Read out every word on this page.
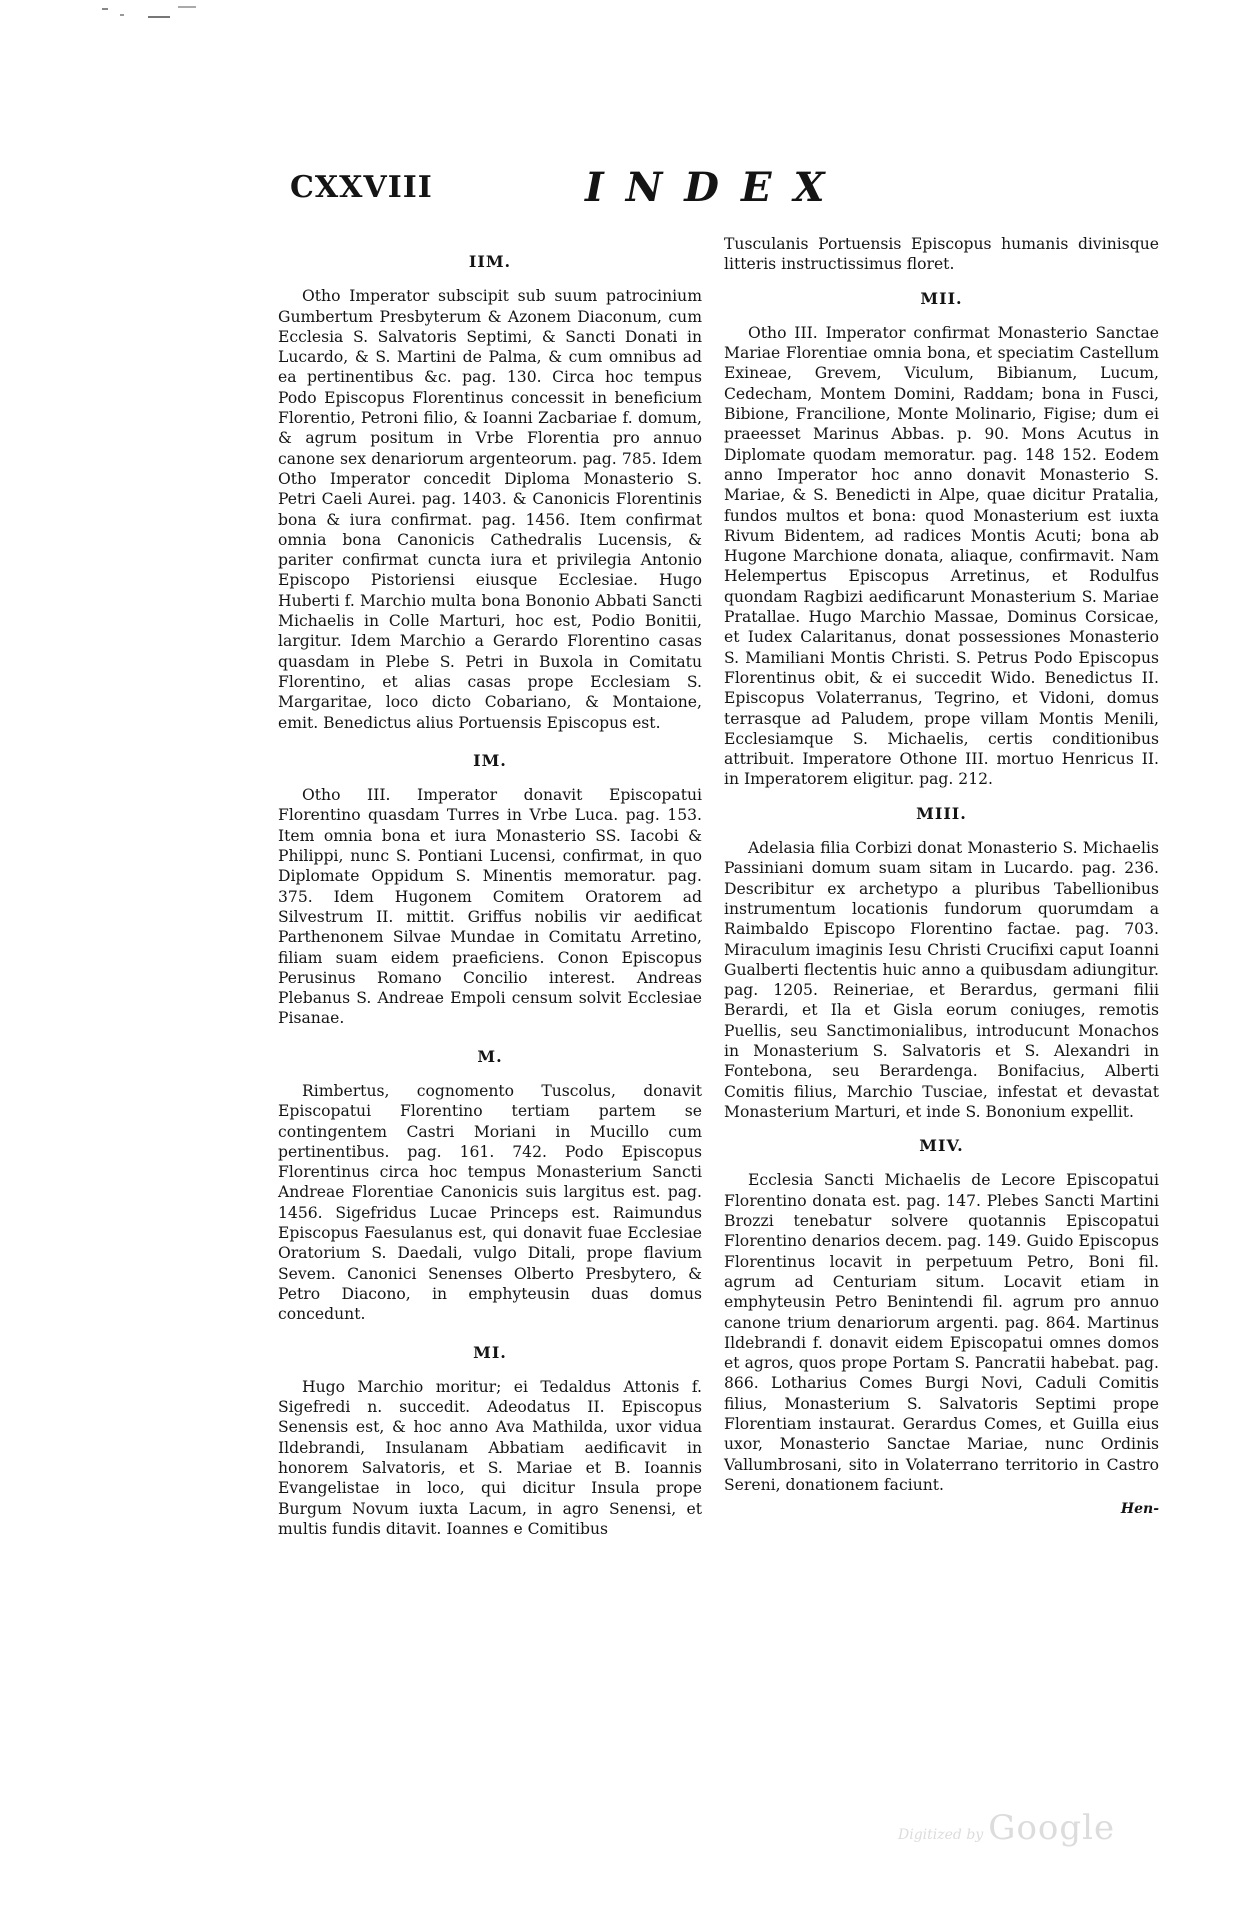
CXXVIII	INDEX
IIM.

Otho Imperator subscipit sub suum patrocinium Gumbertum Presbyterum & Azonem Diaconum, cum Ecclesia S. Salvatoris Septimi, & Sancti Donati in Lucardo, & S. Martini de Palma, & cum omnibus ad ea pertinentibus &c. pag. 130. Circa hoc tempus Podo Episcopus Florentinus concessit in beneficium Florentio, Petroni filio, & Ioanni Zacbariae f. domum, & agrum positum in Vrbe Florentia pro annuo canone sex denariorum argenteorum. pag. 785. Idem Otho Imperator concedit Diploma Monasterio S. Petri Caeli Aurei. pag. 1403. & Canonicis Florentinis bona & iura confirmat. pag. 1456. Item confirmat omnia bona Canonicis Cathedralis Lucensis, & pariter confirmat cuncta iura et privilegia Antonio Episcopo Pistoriensi eiusque Ecclesiae. Hugo Huberti f. Marchio multa bona Bononio Abbati Sancti Michaelis in Colle Marturi, hoc est, Podio Bonitii, largitur. Idem Marchio a Gerardo Florentino casas quasdam in Plebe S. Petri in Buxola in Comitatu Florentino, et alias casas prope Ecclesiam S. Margaritae, loco dicto Cobariano, & Montaione, emit. Benedictus alius Portuensis Episcopus est.

IM.

Otho III. Imperator donavit Episcopatui Florentino quasdam Turres in Vrbe Luca. pag. 153. Item omnia bona et iura Monasterio SS. Iacobi & Philippi, nunc S. Pontiani Lucensi, confirmat, in quo Diplomate Oppidum S. Minentis memoratur. pag. 375. Idem Hugonem Comitem Oratorem ad Silvestrum II. mittit. Griffus nobilis vir aedificat Parthenonem Silvae Mundae in Comitatu Arretino, filiam suam eidem praeficiens. Conon Episcopus Perusinus Romano Concilio interest. Andreas Plebanus S. Andreae Empoli censum solvit Ecclesiae Pisanae.

M.

Rimbertus, cognomento Tuscolus, donavit Episcopatui Florentino tertiam partem se contingentem Castri Moriani in Mucillo cum pertinentibus. pag. 161. 742. Podo Episcopus Florentinus circa hoc tempus Monasterium Sancti Andreae Florentiae Canonicis suis largitus est. pag. 1456. Sigefridus Lucae Princeps est. Raimundus Episcopus Faesulanus est, qui donavit fuae Ecclesiae Oratorium S. Daedali, vulgo Ditali, prope flavium Sevem. Canonici Senenses Olberto Presbytero, & Petro Diacono, in emphyteusin duas domus concedunt.

MI.

Hugo Marchio moritur; ei Tedaldus Attonis f. Sigefredi n. succedit. Adeodatus II. Episcopus Senensis est, & hoc anno Ava Mathilda, uxor vidua Ildebrandi, Insulanam Abbatiam aedificavit in honorem Salvatoris, et S. Mariae et B. Ioannis Evangelistae in loco, qui dicitur Insula prope Burgum Novum iuxta Lacum, in agro Senensi, et multis fundis ditavit. Ioannes e Comitibus

Tusculanis Portuensis Episcopus humanis divinisque litteris instructissimus floret.

MII.

Otho III. Imperator confirmat Monasterio Sanctae Mariae Florentiae omnia bona, et speciatim Castellum Exineae, Grevem, Viculum, Bibianum, Lucum, Cedecham, Montem Domini, Raddam; bona in Fusci, Bibione, Francilione, Monte Molinario, Figise; dum ei praeesset Marinus Abbas. p. 90. Mons Acutus in Diplomate quodam memoratur. pag. 148 152. Eodem anno Imperator hoc anno donavit Monasterio S. Mariae, & S. Benedicti in Alpe, quae dicitur Pratalia, fundos multos et bona: quod Monasterium est iuxta Rivum Bidentem, ad radices Montis Acuti; bona ab Hugone Marchione donata, aliaque, confirmavit. Nam Helempertus Episcopus Arretinus, et Rodulfus quondam Ragbizi aedificarunt Monasterium S. Mariae Pratallae. Hugo Marchio Massae, Dominus Corsicae, et Iudex Calaritanus, donat possessiones Monasterio S. Mamiliani Montis Christi. S. Petrus Podo Episcopus Florentinus obit, & ei succedit Wido. Benedictus II. Episcopus Volaterranus, Tegrino, et Vidoni, domus terrasque ad Paludem, prope villam Montis Menili, Ecclesiamque S. Michaelis, certis conditionibus attribuit. Imperatore Othone III. mortuo Henricus II. in Imperatorem eligitur. pag. 212.

MIII.

Adelasia filia Corbizi donat Monasterio S. Michaelis Passiniani domum suam sitam in Lucardo. pag. 236. Describitur ex archetypo a pluribus Tabellionibus instrumentum locationis fundorum quorumdam a Raimbaldo Episcopo Florentino factae. pag. 703. Miraculum imaginis Iesu Christi Crucifixi caput Ioanni Gualberti flectentis huic anno a quibusdam adiungitur. pag. 1205. Reineriae, et Berardus, germani filii Berardi, et Ila et Gisla eorum coniuges, remotis Puellis, seu Sanctimonialibus, introducunt Monachos in Monasterium S. Salvatoris et S. Alexandri in Fontebona, seu Berardenga. Bonifacius, Alberti Comitis filius, Marchio Tusciae, infestat et devastat Monasterium Marturi, et inde S. Bononium expellit.

MIV.

Ecclesia Sancti Michaelis de Lecore Episcopatui Florentino donata est. pag. 147. Plebes Sancti Martini Brozzi tenebatur solvere quotannis Episcopatui Florentino denarios decem. pag. 149. Guido Episcopus Florentinus locavit in perpetuum Petro, Boni fil. agrum ad Centuriam situm. Locavit etiam in emphyteusin Petro Benintendi fil. agrum pro annuo canone trium denariorum argenti. pag. 864. Martinus Ildebrandi f. donavit eidem Episcopatui omnes domos et agros, quos prope Portam S. Pancratii habebat. pag. 866. Lotharius Comes Burgi Novi, Caduli Comitis filius, Monasterium S. Salvatoris Septimi prope Florentiam instaurat. Gerardus Comes, et Guilla eius uxor, Monasterio Sanctae Mariae, nunc Ordinis Vallumbrosani, sito in Volaterrano territorio in Castro Sereni, donationem faciunt.

Hen-
Digitized by Google
